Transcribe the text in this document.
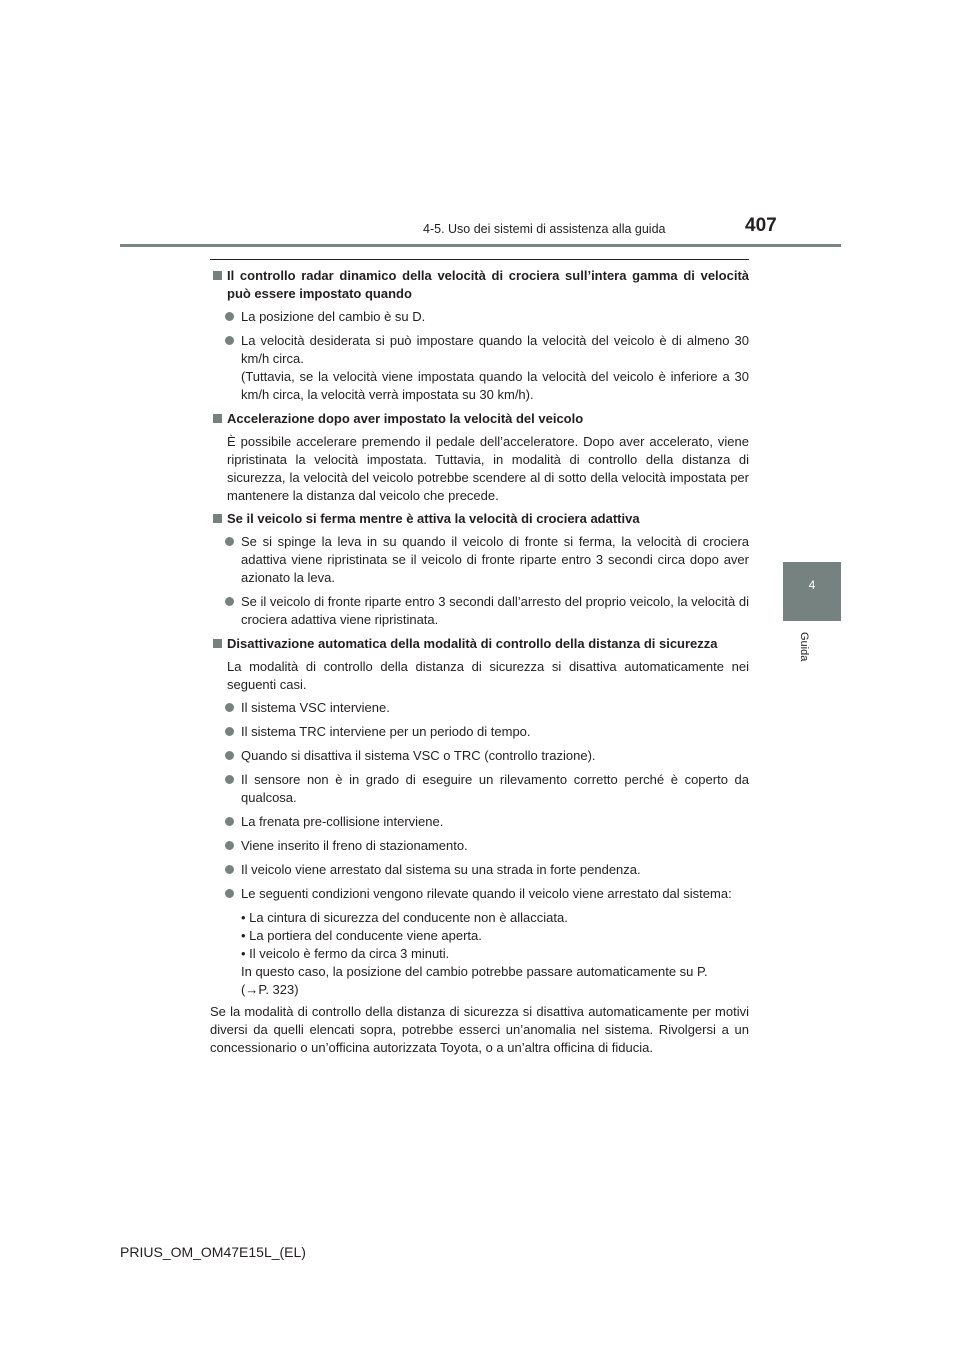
4-5. Uso dei sistemi di assistenza alla guida	407
4
Guida
Il controllo radar dinamico della velocità di crociera sull’intera gamma di velocità può essere impostato quando
La posizione del cambio è su D.
La velocità desiderata si può impostare quando la velocità del veicolo è di almeno 30 km/h circa.
(Tuttavia, se la velocità viene impostata quando la velocità del veicolo è inferiore a 30 km/h circa, la velocità verrà impostata su 30 km/h).
Accelerazione dopo aver impostato la velocità del veicolo
È possibile accelerare premendo il pedale dell’acceleratore. Dopo aver accelerato, viene ripristinata la velocità impostata. Tuttavia, in modalità di controllo della distanza di sicurezza, la velocità del veicolo potrebbe scendere al di sotto della velocità impostata per mantenere la distanza dal veicolo che precede.
Se il veicolo si ferma mentre è attiva la velocità di crociera adattiva
Se si spinge la leva in su quando il veicolo di fronte si ferma, la velocità di crociera adattiva viene ripristinata se il veicolo di fronte riparte entro 3 secondi circa dopo aver azionato la leva.
Se il veicolo di fronte riparte entro 3 secondi dall’arresto del proprio veicolo, la velocità di crociera adattiva viene ripristinata.
Disattivazione automatica della modalità di controllo della distanza di sicurezza
La modalità di controllo della distanza di sicurezza si disattiva automaticamente nei seguenti casi.
Il sistema VSC interviene.
Il sistema TRC interviene per un periodo di tempo.
Quando si disattiva il sistema VSC o TRC (controllo trazione).
Il sensore non è in grado di eseguire un rilevamento corretto perché è coperto da qualcosa.
La frenata pre-collisione interviene.
Viene inserito il freno di stazionamento.
Il veicolo viene arrestato dal sistema su una strada in forte pendenza.
Le seguenti condizioni vengono rilevate quando il veicolo viene arrestato dal sistema:
• La cintura di sicurezza del conducente non è allacciata.
• La portiera del conducente viene aperta.
• Il veicolo è fermo da circa 3 minuti.
In questo caso, la posizione del cambio potrebbe passare automaticamente su P.
(→P. 323)
Se la modalità di controllo della distanza di sicurezza si disattiva automaticamente per motivi diversi da quelli elencati sopra, potrebbe esserci un’anomalia nel sistema. Rivolgersi a un concessionario o un’officina autorizzata Toyota, o a un’altra officina di fiducia.
PRIUS_OM_OM47E15L_(EL)
